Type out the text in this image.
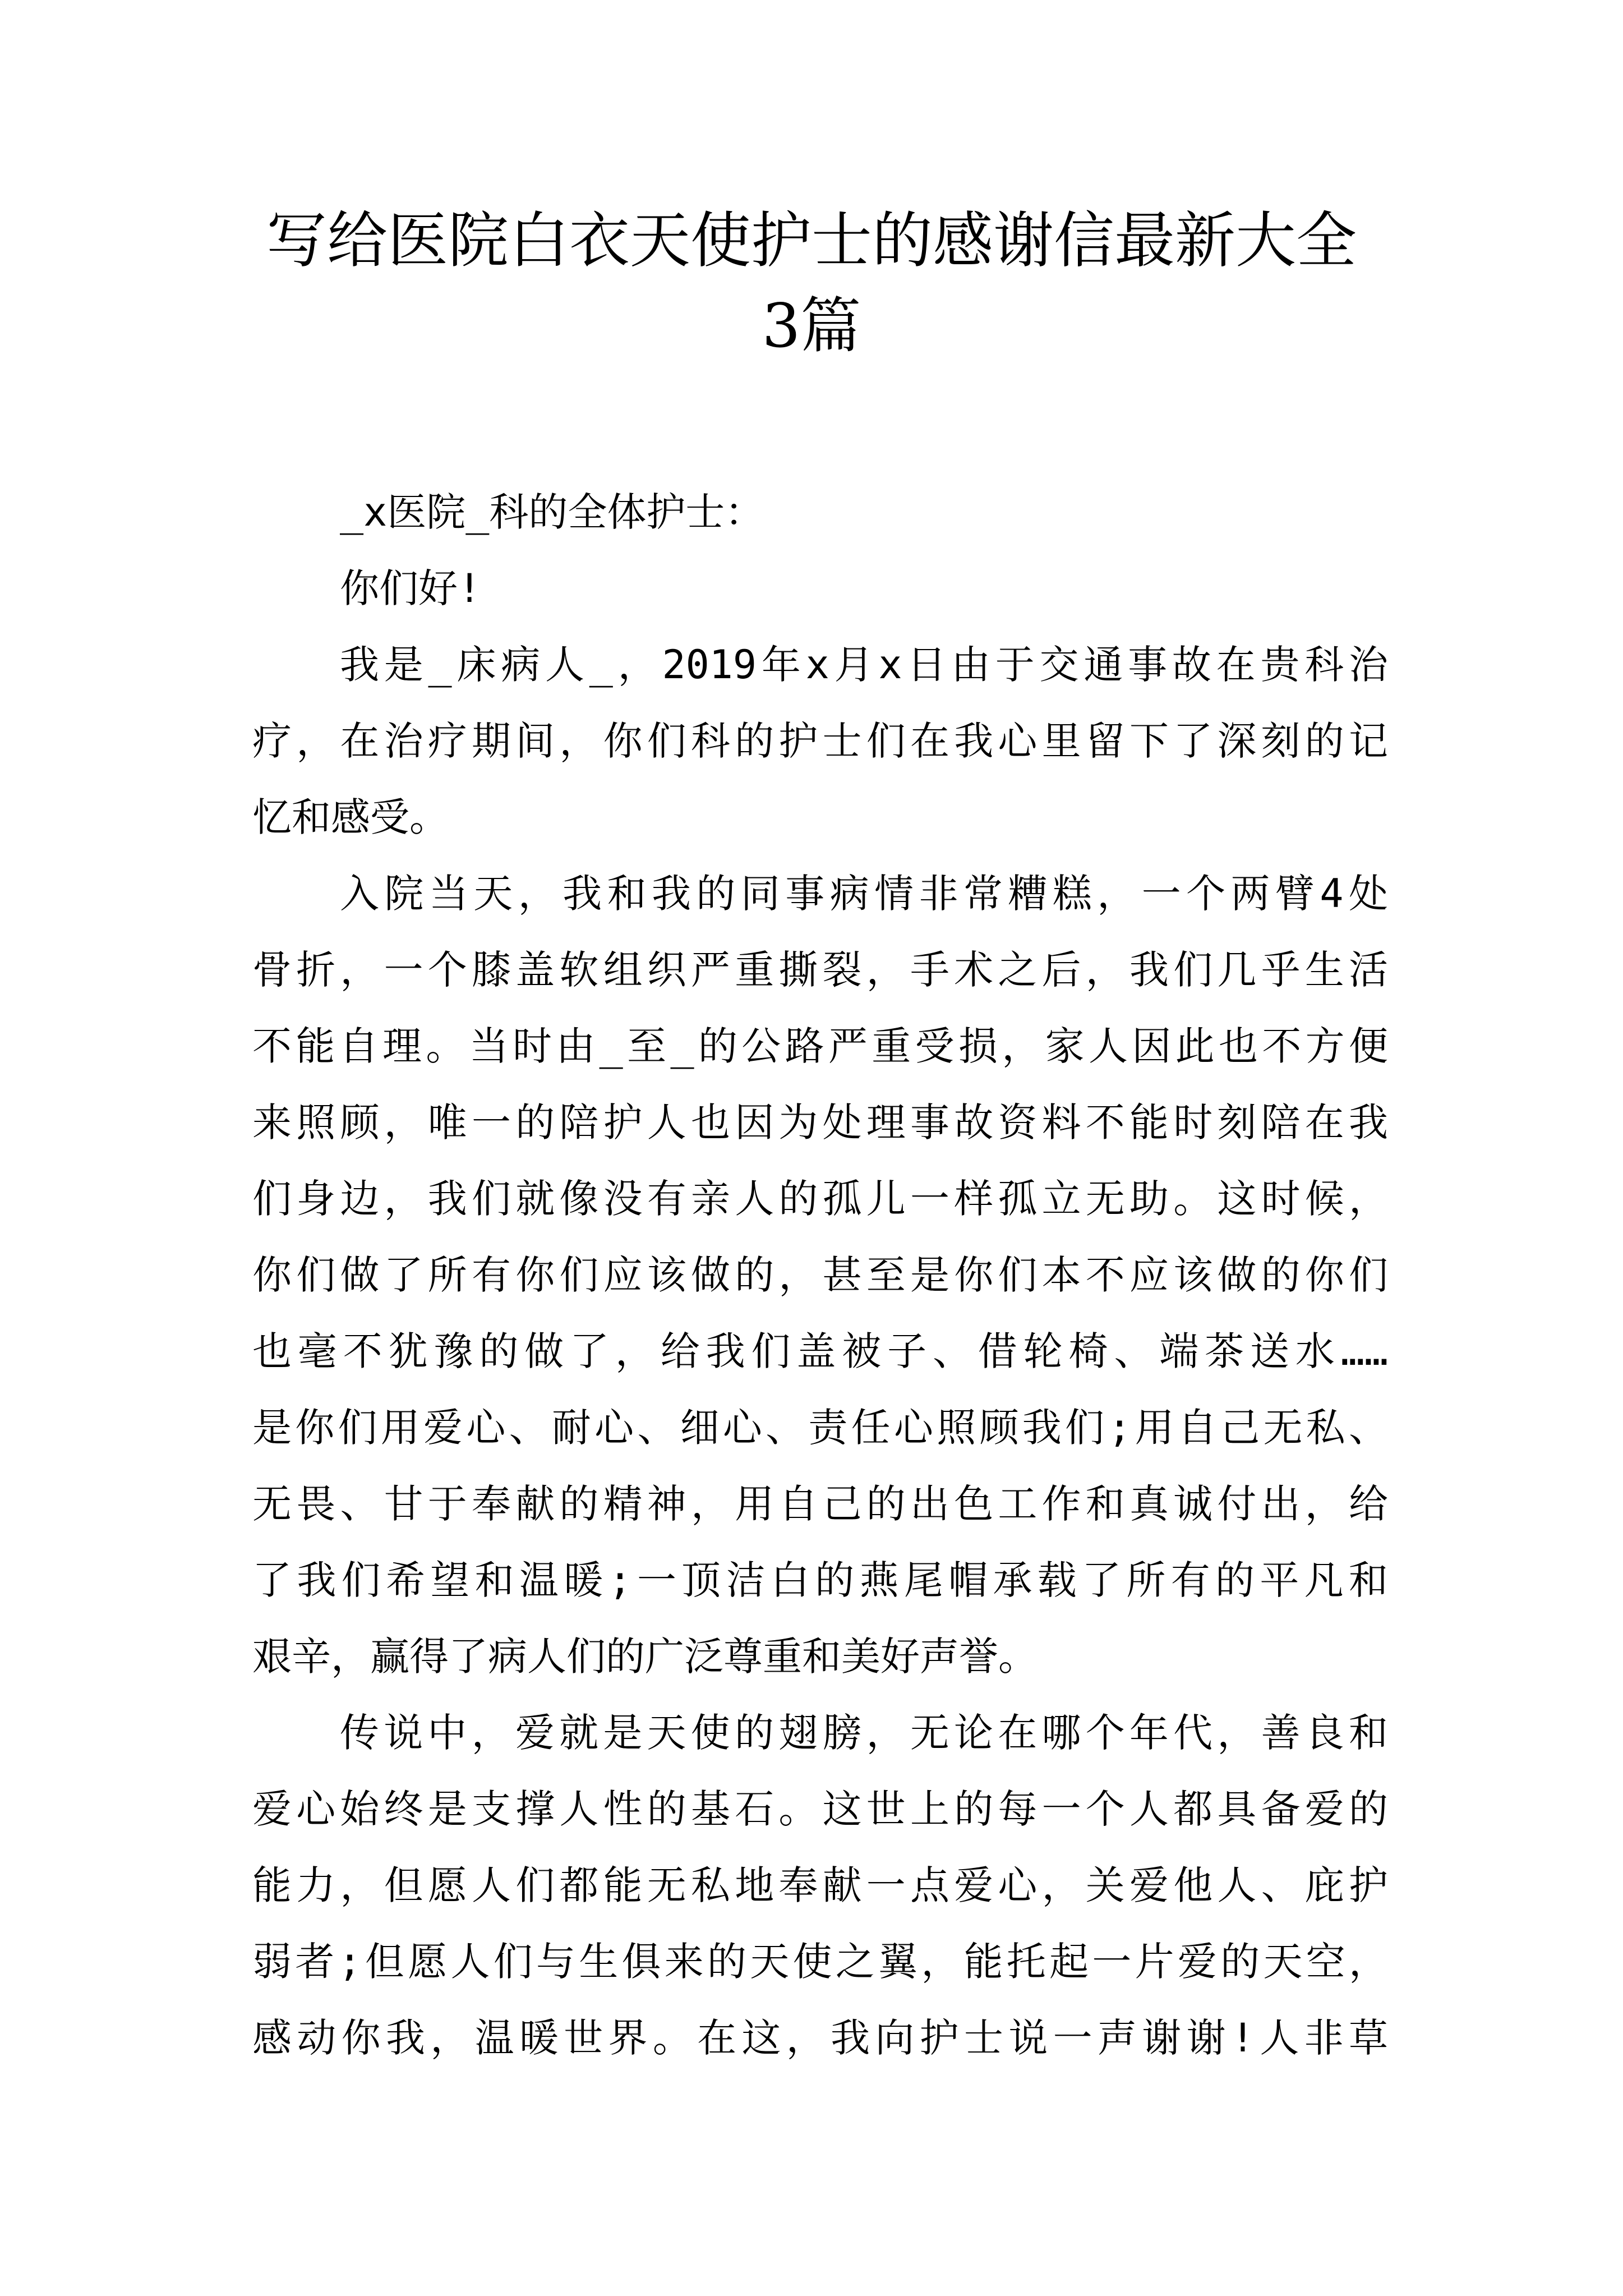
写给医院白衣天使护士的感谢信最新大全
3篇
_x医院_科的全体护士：
你们好!
我是_床病人_，2019年x月x日由于交通事故在贵科治
疗，在治疗期间，你们科的护士们在我心里留下了深刻的记
忆和感受。
入院当天，我和我的同事病情非常糟糕，一个两臂4处
骨折，一个膝盖软组织严重撕裂，手术之后，我们几乎生活
不能自理。当时由_至_的公路严重受损，家人因此也不方便
来照顾，唯一的陪护人也因为处理事故资料不能时刻陪在我
们身边，我们就像没有亲人的孤儿一样孤立无助。这时候，
你们做了所有你们应该做的，甚至是你们本不应该做的你们
也毫不犹豫的做了，给我们盖被子、借轮椅、端茶送水……
是你们用爱心、耐心、细心、责任心照顾我们;用自己无私、
无畏、甘于奉献的精神，用自己的出色工作和真诚付出，给
了我们希望和温暖;一顶洁白的燕尾帽承载了所有的平凡和
艰辛，赢得了病人们的广泛尊重和美好声誉。
传说中，爱就是天使的翅膀，无论在哪个年代，善良和
爱心始终是支撑人性的基石。这世上的每一个人都具备爱的
能力，但愿人们都能无私地奉献一点爱心，关爱他人、庇护
弱者;但愿人们与生俱来的天使之翼，能托起一片爱的天空，
感动你我，温暖世界。在这，我向护士说一声谢谢!人非草
